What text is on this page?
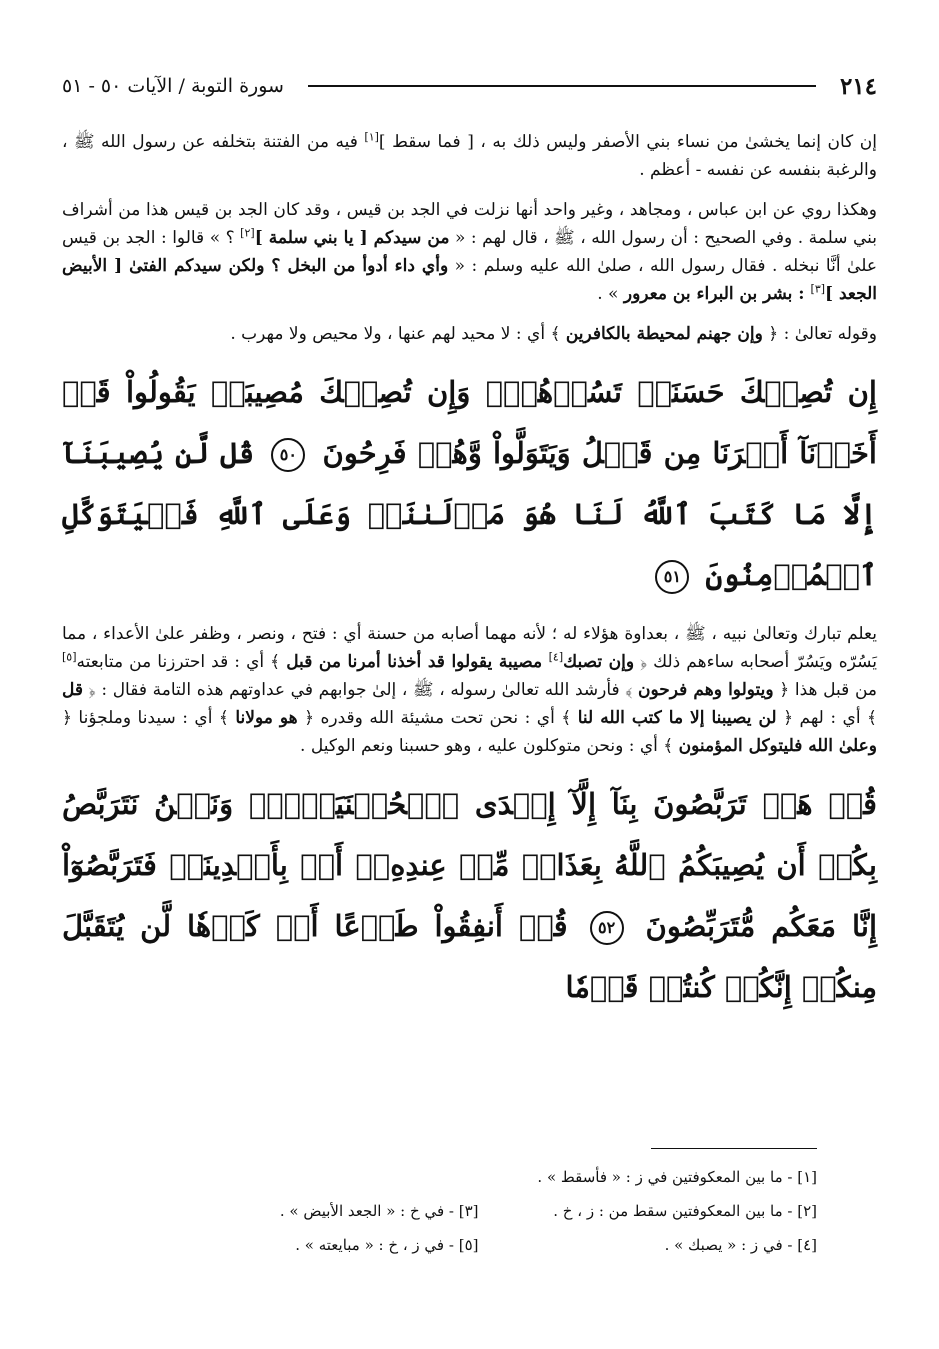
سورة التوبة / الآيات ٥٠ - ٥١	٢١٤

إن كان إنما يخشىٰ من نساء بني الأصفر وليس ذلك به ، [ فما سقط ][١] فيه من الفتنة بتخلفه عن رسول الله ﷺ ، والرغبة بنفسه عن نفسه - أعظم .

وهكذا روي عن ابن عباس ، ومجاهد ، وغير واحد أنها نزلت في الجد بن قيس ، وقد كان الجد بن قيس هذا من أشراف بني سلمة . وفي الصحيح : أن رسول الله ، ﷺ ، قال لهم : « من سيدكم [ يا بني سلمة ][٢] ؟ » قالوا : الجد بن قيس علىٰ أنَّا نبخله . فقال رسول الله ، صلىٰ الله عليه وسلم : « وأي داء أدوأ من البخل ؟ ولكن سيدكم الفتىٰ [ الأبيض الجعد ][٣] : بشر بن البراء بن معرور » .

وقوله تعالىٰ : ﴿ وإن جهنم لمحيطة بالكافرين ﴾ أي : لا محيد لهم عنها ، ولا محيص ولا مهرب .

إِن تُصِبۡكَ حَسَنَةٞ تَسُؤۡهُمۡۖ وَإِن تُصِبۡكَ مُصِيبَةٞ يَقُولُواْ قَدۡ أَخَذۡنَآ أَمۡرَنَا مِن قَبۡلُ وَيَتَوَلَّواْ وَّهُمۡ فَرِحُونَ ٥٠ قُل لَّن يُصِيبَنَآ إِلَّا مَا كَتَبَ ٱللَّهُ لَنَا هُوَ مَوۡلَىٰنَاۚ وَعَلَى ٱللَّهِ فَلۡيَتَوَكَّلِ ٱلۡمُؤۡمِنُونَ ٥١

يعلم تبارك وتعالىٰ نبيه ، ﷺ ، بعداوة هؤلاء له ؛ لأنه مهما أصابه من حسنة أي : فتح ، ونصر ، وظفر علىٰ الأعداء ، مما يَسُرّه ويَسُرّ أصحابه ساءهم ذلك ﴿ وإن تصبك[٤] مصيبة يقولوا قد أخذنا أمرنا من قبل ﴾ أي : قد احترزنا من متابعته[٥] من قبل هذا ﴿ ويتولوا وهم فرحون ﴾ فأرشد الله تعالىٰ رسوله ، ﷺ ، إلىٰ جوابهم في عداوتهم هذه التامة فقال : ﴿ قل ﴾ أي : لهم ﴿ لن يصيبنا إلا ما كتب الله لنا ﴾ أي : نحن تحت مشيئة الله وقدره ﴿ هو مولانا ﴾ أي : سيدنا وملجؤنا ﴿ وعلىٰ الله فليتوكل المؤمنون ﴾ أي : ونحن متوكلون عليه ، وهو حسبنا ونعم الوكيل .

قُلۡ هَلۡ تَرَبَّصُونَ بِنَآ إِلَّآ إِحۡدَى ٱلۡحُسۡنَيَيۡنِۖ وَنَحۡنُ نَتَرَبَّصُ بِكُمۡ أَن يُصِيبَكُمُ ٱللَّهُ بِعَذَابٖ مِّنۡ عِندِهِۦٓ أَوۡ بِأَيۡدِينَاۖ فَتَرَبَّصُوٓاْ إِنَّا مَعَكُم مُّتَرَبِّصُونَ ٥٢ قُلۡ أَنفِقُواْ طَوۡعًا أَوۡ كَرۡهٗا لَّن يُتَقَبَّلَ مِنكُمۡ إِنَّكُمۡ كُنتُمۡ قَوۡمٗا
[١] - ما بين المعكوفتين في ز : « فأسقط » .
[٢] - ما بين المعكوفتين سقط من : ز ، خ .
[٣] - في خ : « الجعد الأبيض » .
[٤] - في ز : « يصبك » .
[٥] - في ز ، خ : « مبايعته » .
